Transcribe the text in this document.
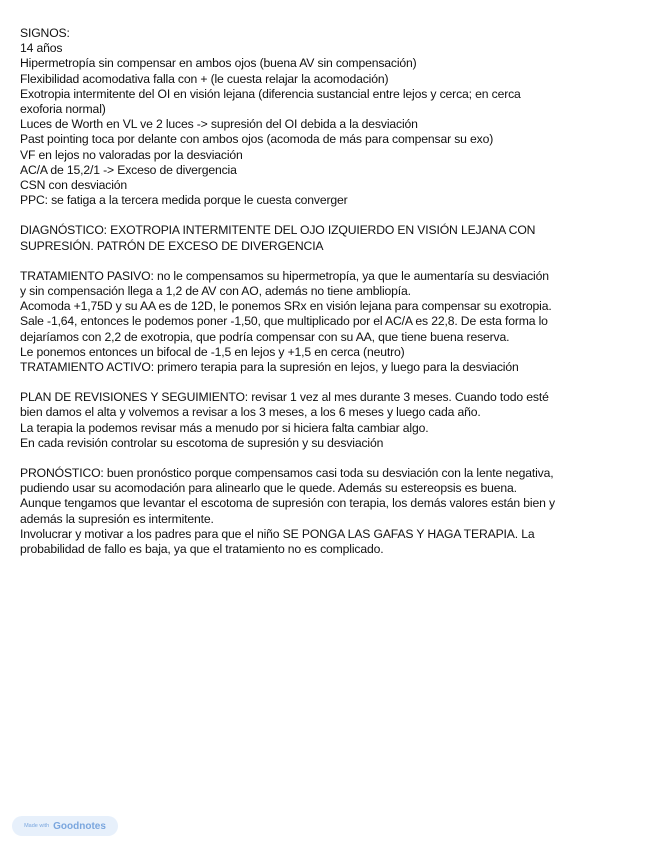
SIGNOS:
14 años
Hipermetropía sin compensar en ambos ojos (buena AV sin compensación)
Flexibilidad acomodativa falla con + (le cuesta relajar la acomodación)
Exotropia intermitente del OI en visión lejana (diferencia sustancial entre lejos y cerca; en cerca
exoforia normal)
Luces de Worth en VL ve 2 luces -> supresión del OI debida a la desviación
Past pointing toca por delante con ambos ojos (acomoda de más para compensar su exo)
VF en lejos no valoradas por la desviación
AC/A de 15,2/1 -> Exceso de divergencia
CSN con desviación
PPC: se fatiga a la tercera medida porque le cuesta converger
DIAGNÓSTICO: EXOTROPIA INTERMITENTE DEL OJO IZQUIERDO EN VISIÓN LEJANA CON
SUPRESIÓN. PATRÓN DE EXCESO DE DIVERGENCIA
TRATAMIENTO PASIVO: no le compensamos su hipermetropía, ya que le aumentaría su desviación
y sin compensación llega a 1,2 de AV con AO, además no tiene ambliopía.
Acomoda +1,75D y su AA es de 12D, le ponemos SRx en visión lejana para compensar su exotropia.
Sale -1,64, entonces le podemos poner -1,50, que multiplicado por el AC/A es 22,8. De esta forma lo
dejaríamos con 2,2 de exotropia, que podría compensar con su AA, que tiene buena reserva.
Le ponemos entonces un bifocal de -1,5 en lejos y +1,5 en cerca (neutro)
TRATAMIENTO ACTIVO: primero terapia para la supresión en lejos, y luego para la desviación
PLAN DE REVISIONES Y SEGUIMIENTO: revisar 1 vez al mes durante 3 meses. Cuando todo esté
bien damos el alta y volvemos a revisar a los 3 meses, a los 6 meses y luego cada año.
La terapia la podemos revisar más a menudo por si hiciera falta cambiar algo.
En cada revisión controlar su escotoma de supresión y su desviación
PRONÓSTICO: buen pronóstico porque compensamos casi toda su desviación con la lente negativa,
pudiendo usar su acomodación para alinearlo que le quede. Además su estereopsis es buena.
Aunque tengamos que levantar el escotoma de supresión con terapia, los demás valores están bien y
además la supresión es intermitente.
Involucrar y motivar a los padres para que el niño SE PONGA LAS GAFAS Y HAGA TERAPIA. La
probabilidad de fallo es baja, ya que el tratamiento no es complicado.
Made with Goodnotes
